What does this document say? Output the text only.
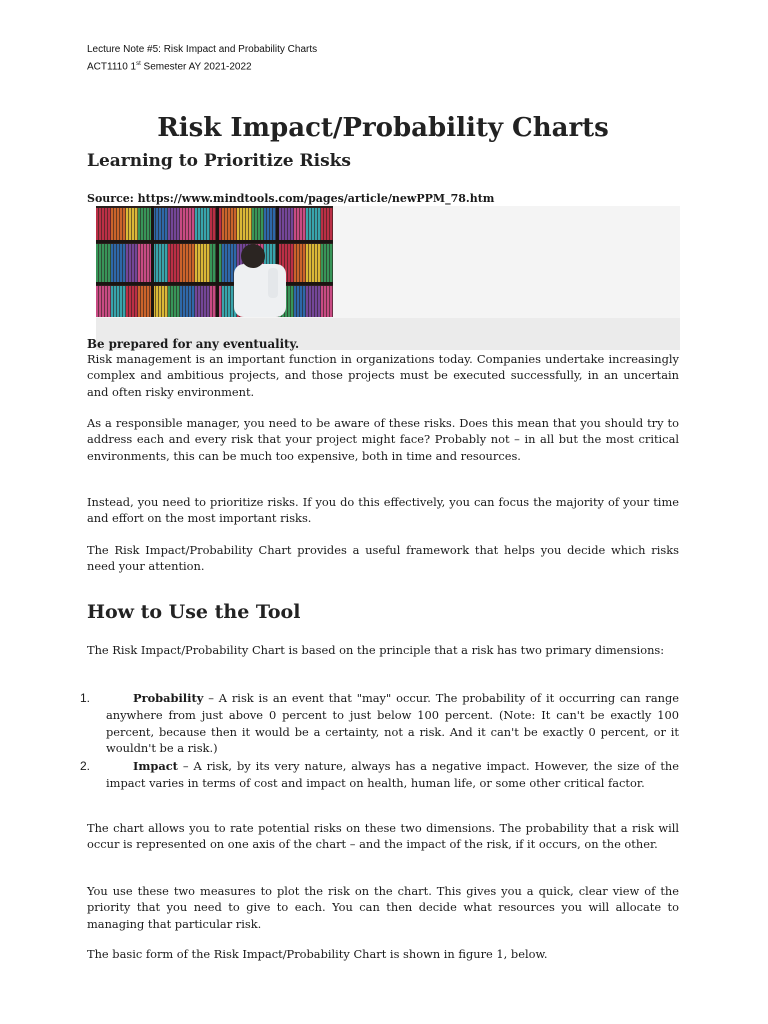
Lecture Note #5: Risk Impact and Probability Charts
ACT1110 1st Semester AY 2021-2022
Risk Impact/Probability Charts
Learning to Prioritize Risks
Source: https://www.mindtools.com/pages/article/newPPM_78.htm
Be prepared for any eventuality.
Risk management is an important function in organizations today. Companies undertake increasingly complex and ambitious projects, and those projects must be executed successfully, in an uncertain and often risky environment.
As a responsible manager, you need to be aware of these risks. Does this mean that you should try to address each and every risk that your project might face? Probably not – in all but the most critical environments, this can be much too expensive, both in time and resources.
Instead, you need to prioritize risks. If you do this effectively, you can focus the majority of your time and effort on the most important risks.
The Risk Impact/Probability Chart provides a useful framework that helps you decide which risks need your attention.
How to Use the Tool
The Risk Impact/Probability Chart is based on the principle that a risk has two primary dimensions:
1.	Probability – A risk is an event that "may" occur. The probability of it occurring can range anywhere from just above 0 percent to just below 100 percent. (Note: It can't be exactly 100 percent, because then it would be a certainty, not a risk. And it can't be exactly 0 percent, or it wouldn't be a risk.)
2.	Impact – A risk, by its very nature, always has a negative impact. However, the size of the impact varies in terms of cost and impact on health, human life, or some other critical factor.
The chart allows you to rate potential risks on these two dimensions. The probability that a risk will occur is represented on one axis of the chart – and the impact of the risk, if it occurs, on the other.
You use these two measures to plot the risk on the chart. This gives you a quick, clear view of the priority that you need to give to each. You can then decide what resources you will allocate to managing that particular risk.
The basic form of the Risk Impact/Probability Chart is shown in figure 1, below.
